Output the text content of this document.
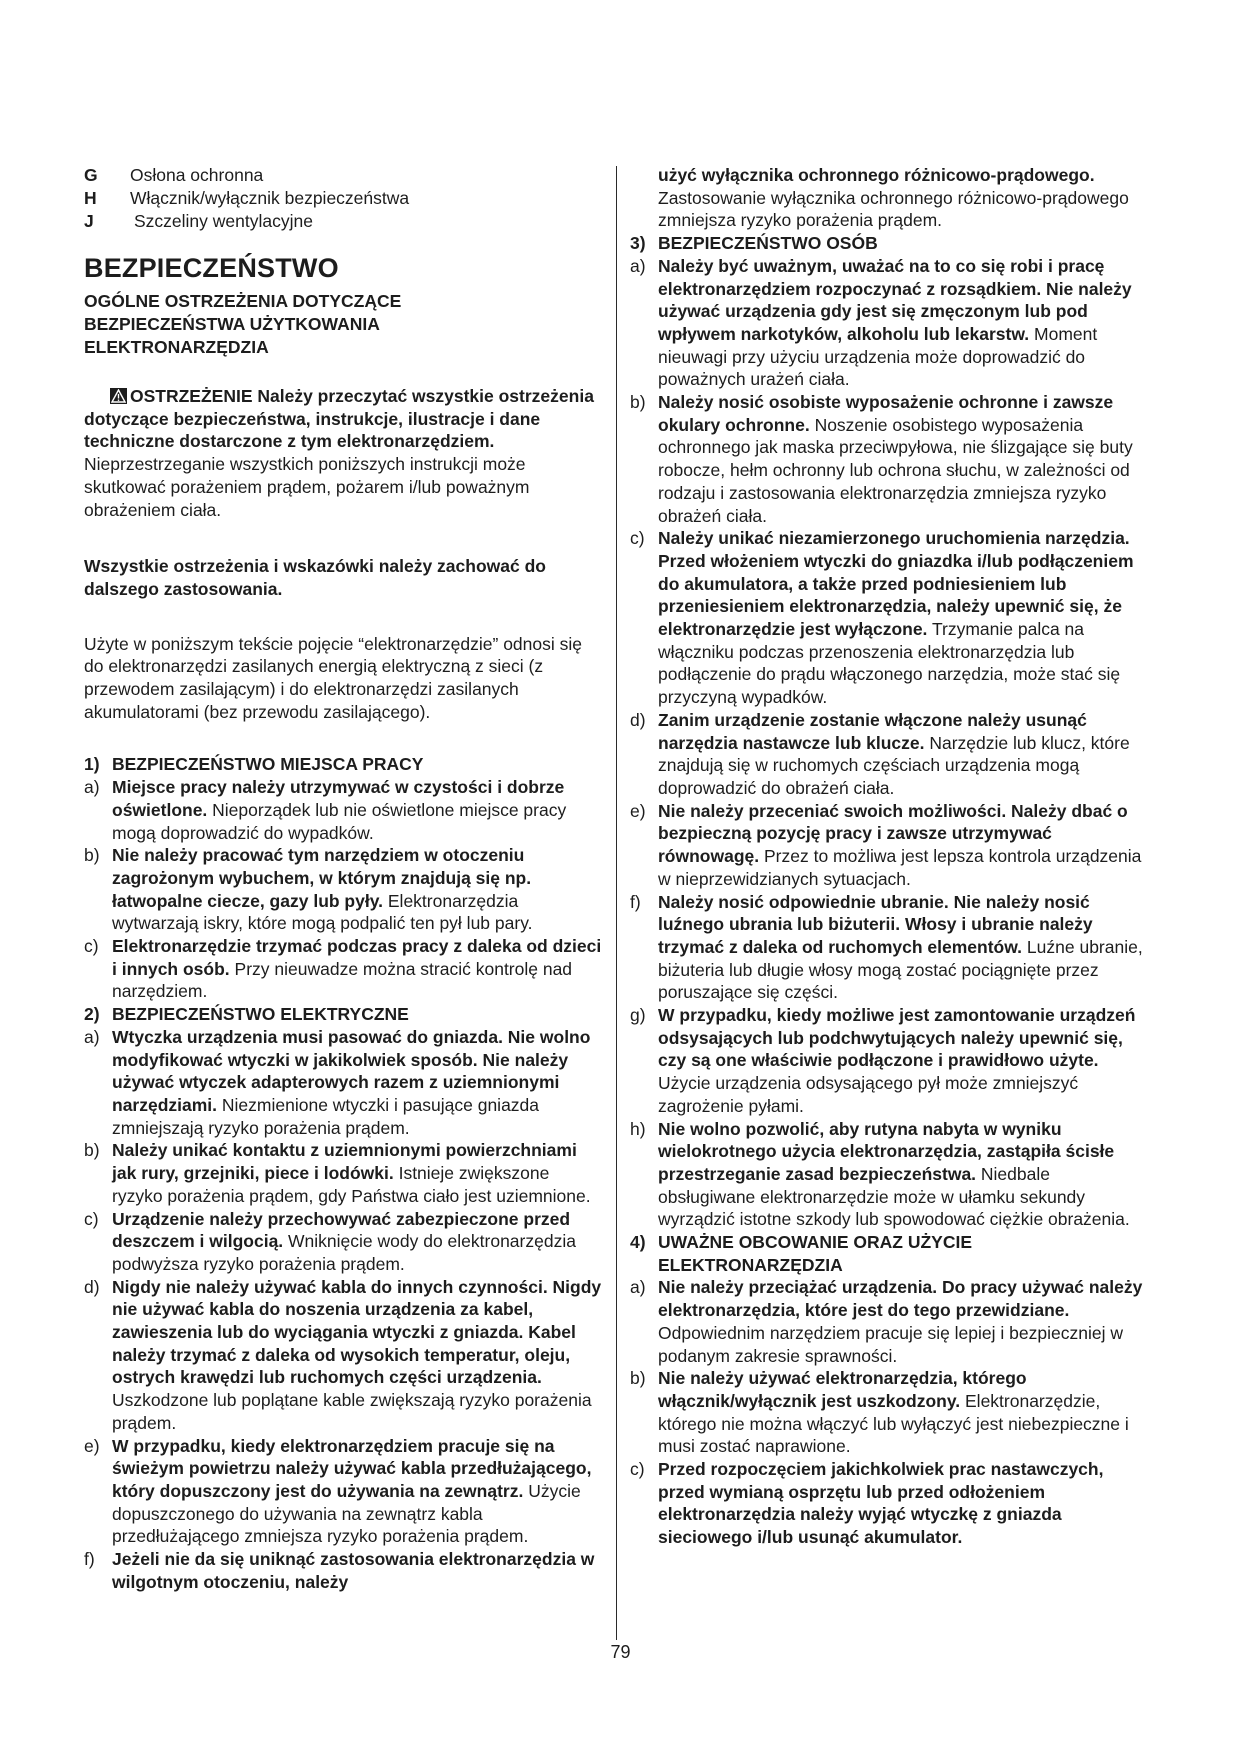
G	Osłona ochronna
H	Włącznik/wyłącznik bezpieczeństwa
J	Szczeliny wentylacyjne
BEZPIECZEŃSTWO
OGÓLNE OSTRZEŻENIA DOTYCZĄCE BEZPIECZEŃSTWA UŻYTKOWANIA ELEKTRONARZĘDZIA

OSTRZEŻENIE Należy przeczytać wszystkie ostrzeżenia dotyczące bezpieczeństwa, instrukcje, ilustracje i dane techniczne dostarczone z tym elektronarzędziem. Nieprzestrzeganie wszystkich poniższych instrukcji może skutkować porażeniem prądem, pożarem i/lub poważnym obrażeniem ciała.

Wszystkie ostrzeżenia i wskazówki należy zachować do dalszego zastosowania.

Użyte w poniższym tekście pojęcie “elektronarzędzie” odnosi się do elektronarzędzi zasilanych energią elektryczną z sieci (z przewodem zasilającym) i do elektronarzędzi zasilanych akumulatorami (bez przewodu zasilającego).

1) BEZPIECZEŃSTWO MIEJSCA PRACY
a) Miejsce pracy należy utrzymywać w czystości i dobrze oświetlone. Nieporządek lub nie oświetlone miejsce pracy mogą doprowadzić do wypadków.
b) Nie należy pracować tym narzędziem w otoczeniu zagrożonym wybuchem, w którym znajdują się np. łatwopalne ciecze, gazy lub pyły. Elektronarzędzia wytwarzają iskry, które mogą podpalić ten pył lub pary.
c) Elektronarzędzie trzymać podczas pracy z daleka od dzieci i innych osób. Przy nieuwadze można stracić kontrolę nad narzędziem.
2) BEZPIECZEŃSTWO ELEKTRYCZNE
a) Wtyczka urządzenia musi pasować do gniazda. Nie wolno modyfikować wtyczki w jakikolwiek sposób. Nie należy używać wtyczek adapterowych razem z uziemnionymi narzędziami. Niezmienione wtyczki i pasujące gniazda zmniejszają ryzyko porażenia prądem.
b) Należy unikać kontaktu z uziemnionymi powierzchniami jak rury, grzejniki, piece i lodówki. Istnieje zwiększone ryzyko porażenia prądem, gdy Państwa ciało jest uziemnione.
c) Urządzenie należy przechowywać zabezpieczone przed deszczem i wilgocią. Wniknięcie wody do elektronarzędzia podwyższa ryzyko porażenia prądem.
d) Nigdy nie należy używać kabla do innych czynności. Nigdy nie używać kabla do noszenia urządzenia za kabel, zawieszenia lub do wyciągania wtyczki z gniazda. Kabel należy trzymać z daleka od wysokich temperatur, oleju, ostrych krawędzi lub ruchomych części urządzenia. Uszkodzone lub poplątane kable zwiększają ryzyko porażenia prądem.
e) W przypadku, kiedy elektronarzędziem pracuje się na świeżym powietrzu należy używać kabla przedłużającego, który dopuszczony jest do używania na zewnątrz. Użycie dopuszczonego do używania na zewnątrz kabla przedłużającego zmniejsza ryzyko porażenia prądem.
f) Jeżeli nie da się uniknąć zastosowania elektronarzędzia w wilgotnym otoczeniu, należy
użyć wyłącznika ochronnego różnicowo-prądowego. Zastosowanie wyłącznika ochronnego różnicowo-prądowego zmniejsza ryzyko porażenia prądem.
3) BEZPIECZEŃSTWO OSÓB
a) Należy być uważnym, uważać na to co się robi i pracę elektronarzędziem rozpoczynać z rozsądkiem. Nie należy używać urządzenia gdy jest się zmęczonym lub pod wpływem narkotyków, alkoholu lub lekarstw. Moment nieuwagi przy użyciu urządzenia może doprowadzić do poważnych urażeń ciała.
b) Należy nosić osobiste wyposażenie ochronne i zawsze okulary ochronne. Noszenie osobistego wyposażenia ochronnego jak maska przeciwpyłowa, nie ślizgające się buty robocze, hełm ochronny lub ochrona słuchu, w zależności od rodzaju i zastosowania elektronarzędzia zmniejsza ryzyko obrażeń ciała.
c) Należy unikać niezamierzonego uruchomienia narzędzia. Przed włożeniem wtyczki do gniazdka i/lub podłączeniem do akumulatora, a także przed podniesieniem lub przeniesieniem elektronarzędzia, należy upewnić się, że elektronarzędzie jest wyłączone. Trzymanie palca na włączniku podczas przenoszenia elektronarzędzia lub podłączenie do prądu włączonego narzędzia, może stać się przyczyną wypadków.
d) Zanim urządzenie zostanie włączone należy usunąć narzędzia nastawcze lub klucze. Narzędzie lub klucz, które znajdują się w ruchomych częściach urządzenia mogą doprowadzić do obrażeń ciała.
e) Nie należy przeceniać swoich możliwości. Należy dbać o bezpieczną pozycję pracy i zawsze utrzymywać równowagę. Przez to możliwa jest lepsza kontrola urządzenia w nieprzewidzianych sytuacjach.
f) Należy nosić odpowiednie ubranie. Nie należy nosić luźnego ubrania lub biżuterii. Włosy i ubranie należy trzymać z daleka od ruchomych elementów. Luźne ubranie, biżuteria lub długie włosy mogą zostać pociągnięte przez poruszające się części.
g) W przypadku, kiedy możliwe jest zamontowanie urządzeń odsysających lub podchwytujących należy upewnić się, czy są one właściwie podłączone i prawidłowo użyte. Użycie urządzenia odsysającego pył może zmniejszyć zagrożenie pyłami.
h) Nie wolno pozwolić, aby rutyna nabyta w wyniku wielokrotnego użycia elektronarzędzia, zastąpiła ścisłe przestrzeganie zasad bezpieczeństwa. Niedbale obsługiwane elektronarzędzie może w ułamku sekundy wyrządzić istotne szkody lub spowodować ciężkie obrażenia.
4) UWAŻNE OBCOWANIE ORAZ UŻYCIE ELEKTRONARZĘDZIA
a) Nie należy przeciążać urządzenia. Do pracy używać należy elektronarzędzia, które jest do tego przewidziane. Odpowiednim narzędziem pracuje się lepiej i bezpieczniej w podanym zakresie sprawności.
b) Nie należy używać elektronarzędzia, którego włącznik/wyłącznik jest uszkodzony. Elektronarzędzie, którego nie można włączyć lub wyłączyć jest niebezpieczne i musi zostać naprawione.
c) Przed rozpoczęciem jakichkolwiek prac nastawczych, przed wymianą osprzętu lub przed odłożeniem elektronarzędzia należy wyjąć wtyczkę z gniazda sieciowego i/lub usunąć akumulator.
79
